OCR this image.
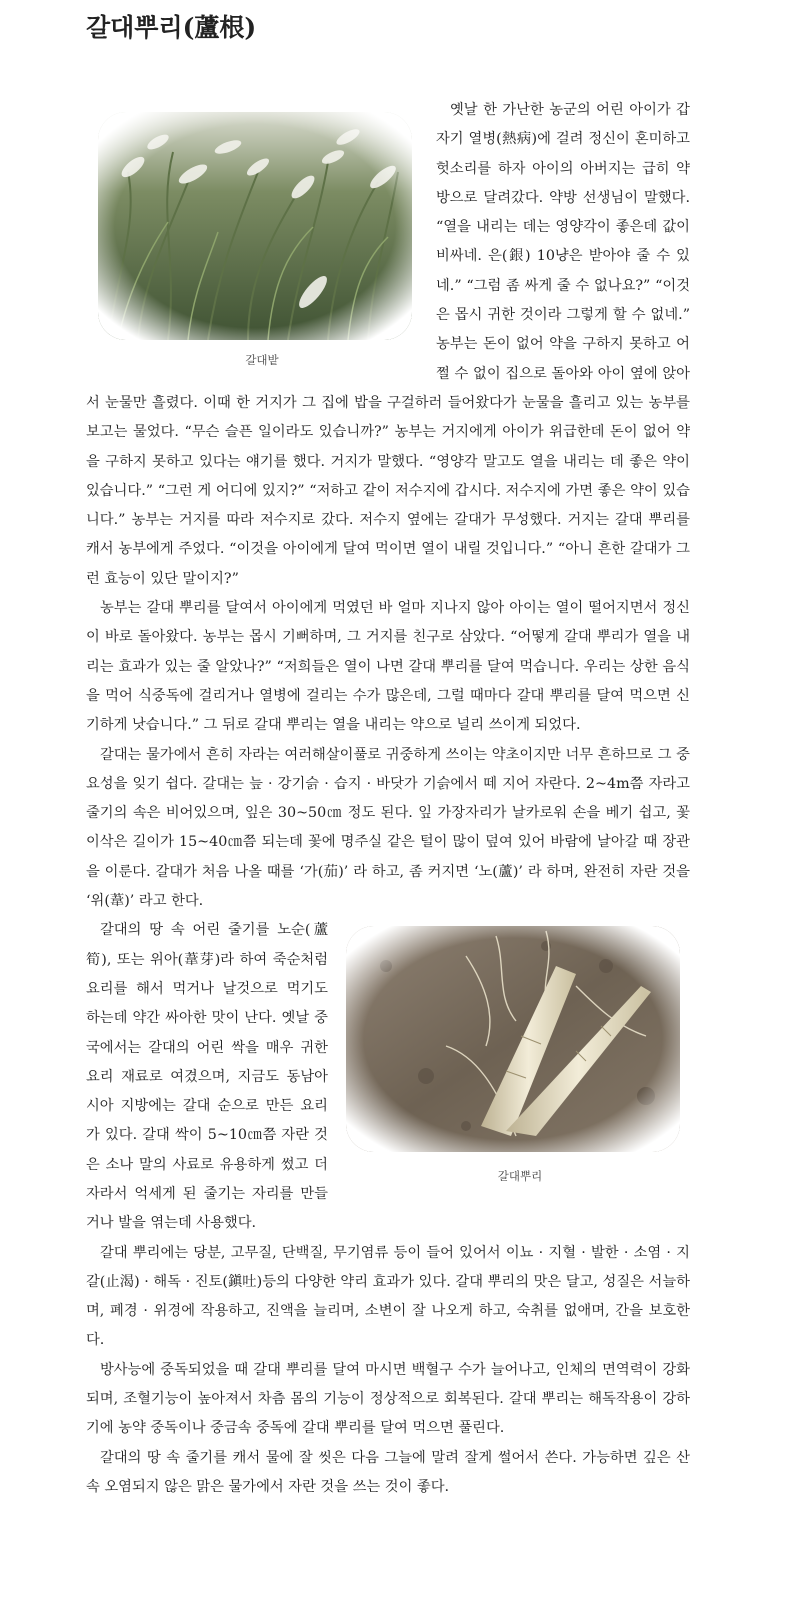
갈대뿌리(蘆根)

갈대밭
옛날 한 가난한 농군의 어린 아이가 갑자기 열병(熱病)에 걸려 정신이 혼미하고 헛소리를 하자 아이의 아버지는 급히 약방으로 달려갔다. 약방 선생님이 말했다. “열을 내리는 데는 영양각이 좋은데 값이 비싸네. 은(銀) 10냥은 받아야 줄 수 있네.” “그럼 좀 싸게 줄 수 없나요?” “이것은 몹시 귀한 것이라 그렇게 할 수 없네.” 농부는 돈이 없어 약을 구하지 못하고 어쩔 수 없이 집으로 돌아와 아이 옆에 앉아서 눈물만 흘렸다. 이때 한 거지가 그 집에 밥을 구걸하러 들어왔다가 눈물을 흘리고 있는 농부를 보고는 물었다. “무슨 슬픈 일이라도 있습니까?” 농부는 거지에게 아이가 위급한데 돈이 없어 약을 구하지 못하고 있다는 얘기를 했다. 거지가 말했다. “영양각 말고도 열을 내리는 데 좋은 약이 있습니다.” “그런 게 어디에 있지?” “저하고 같이 저수지에 갑시다. 저수지에 가면 좋은 약이 있습니다.” 농부는 거지를 따라 저수지로 갔다. 저수지 옆에는 갈대가 무성했다. 거지는 갈대 뿌리를 캐서 농부에게 주었다. “이것을 아이에게 달여 먹이면 열이 내릴 것입니다.” “아니 흔한 갈대가 그런 효능이 있단 말이지?”

농부는 갈대 뿌리를 달여서 아이에게 먹였던 바 얼마 지나지 않아 아이는 열이 떨어지면서 정신이 바로 돌아왔다. 농부는 몹시 기뻐하며, 그 거지를 친구로 삼았다. “어떻게 갈대 뿌리가 열을 내리는 효과가 있는 줄 알았나?” “저희들은 열이 나면 갈대 뿌리를 달여 먹습니다. 우리는 상한 음식을 먹어 식중독에 걸리거나 열병에 걸리는 수가 많은데, 그럴 때마다 갈대 뿌리를 달여 먹으면 신기하게 낫습니다.” 그 뒤로 갈대 뿌리는 열을 내리는 약으로 널리 쓰이게 되었다.

갈대는 물가에서 흔히 자라는 여러해살이풀로 귀중하게 쓰이는 약초이지만 너무 흔하므로 그 중요성을 잊기 쉽다. 갈대는 늪 · 강기슭 · 습지 · 바닷가 기슭에서 떼 지어 자란다. 2~4m쯤 자라고 줄기의 속은 비어있으며, 잎은 30~50㎝ 정도 된다. 잎 가장자리가 날카로워 손을 베기 쉽고, 꽃 이삭은 길이가 15~40㎝쯤 되는데 꽃에 명주실 같은 털이 많이 덮여 있어 바람에 날아갈 때 장관을 이룬다. 갈대가 처음 나올 때를 ‘가(茄)’ 라 하고, 좀 커지면 ‘노(蘆)’ 라 하며, 완전히 자란 것을 ‘위(葦)’ 라고 한다.

갈대뿌리
갈대의 땅 속 어린 줄기를 노순(蘆筍), 또는 위아(葦芽)라 하여 죽순처럼 요리를 해서 먹거나 날것으로 먹기도 하는데 약간 싸아한 맛이 난다. 옛날 중국에서는 갈대의 어린 싹을 매우 귀한 요리 재료로 여겼으며, 지금도 동남아시아 지방에는 갈대 순으로 만든 요리가 있다. 갈대 싹이 5~10㎝쯤 자란 것은 소나 말의 사료로 유용하게 썼고 더 자라서 억세게 된 줄기는 자리를 만들거나 발을 엮는데 사용했다.

갈대 뿌리에는 당분, 고무질, 단백질, 무기염류 등이 들어 있어서 이뇨 · 지혈 · 발한 · 소염 · 지갈(止渴) · 해독 · 진토(鎭吐)등의 다양한 약리 효과가 있다. 갈대 뿌리의 맛은 달고, 성질은 서늘하며, 폐경 · 위경에 작용하고, 진액을 늘리며, 소변이 잘 나오게 하고, 숙취를 없애며, 간을 보호한다.

방사능에 중독되었을 때 갈대 뿌리를 달여 마시면 백혈구 수가 늘어나고, 인체의 면역력이 강화되며, 조혈기능이 높아져서 차츰 몸의 기능이 정상적으로 회복된다. 갈대 뿌리는 해독작용이 강하기에 농약 중독이나 중금속 중독에 갈대 뿌리를 달여 먹으면 풀린다.

갈대의 땅 속 줄기를 캐서 물에 잘 씻은 다음 그늘에 말려 잘게 썰어서 쓴다. 가능하면 깊은 산 속 오염되지 않은 맑은 물가에서 자란 것을 쓰는 것이 좋다.
